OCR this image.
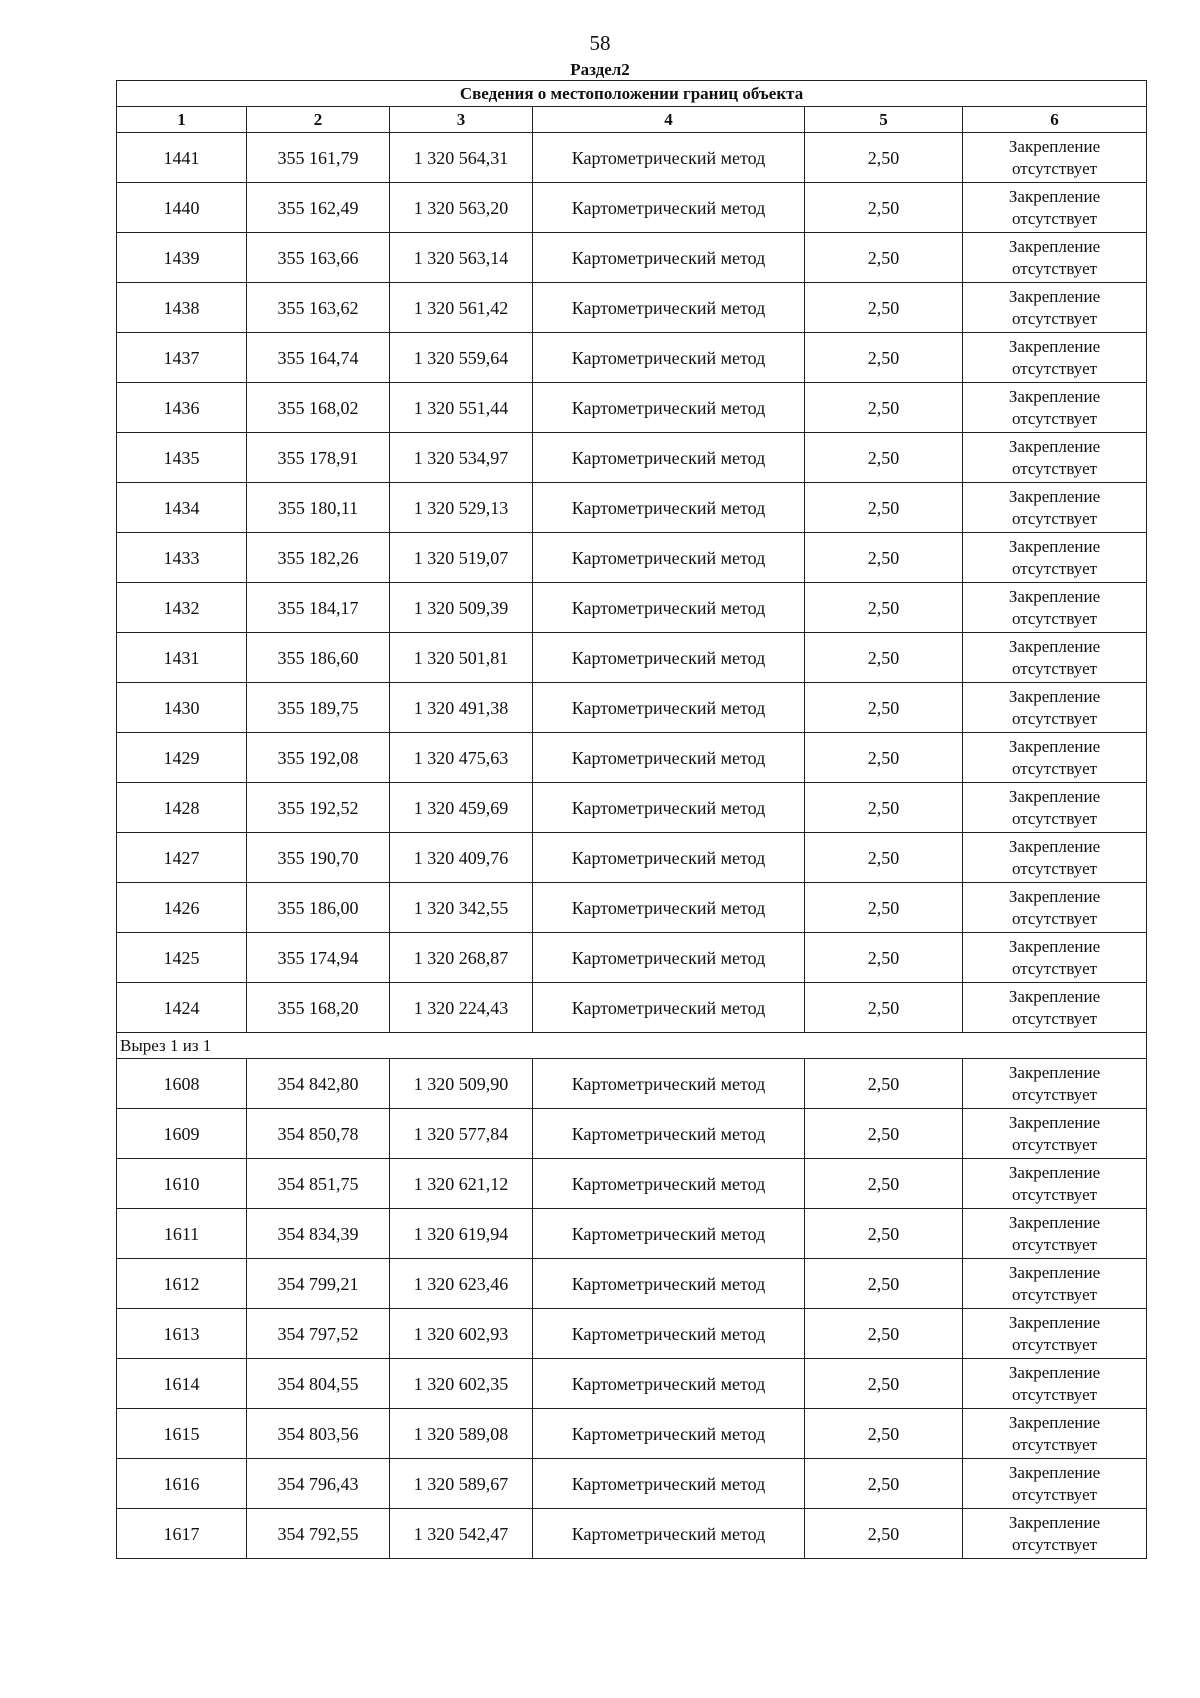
58
Раздел2
Сведения о местоположении границ объекта					
1	2	3	4	5	6
1441	355 161,79	1 320 564,31	Картометрический метод	2,50	Закрепление
отсутствует

1440	355 162,49	1 320 563,20	Картометрический метод	2,50	Закрепление
отсутствует

1439	355 163,66	1 320 563,14	Картометрический метод	2,50	Закрепление
отсутствует

1438	355 163,62	1 320 561,42	Картометрический метод	2,50	Закрепление
отсутствует

1437	355 164,74	1 320 559,64	Картометрический метод	2,50	Закрепление
отсутствует

1436	355 168,02	1 320 551,44	Картометрический метод	2,50	Закрепление
отсутствует

1435	355 178,91	1 320 534,97	Картометрический метод	2,50	Закрепление
отсутствует

1434	355 180,11	1 320 529,13	Картометрический метод	2,50	Закрепление
отсутствует

1433	355 182,26	1 320 519,07	Картометрический метод	2,50	Закрепление
отсутствует

1432	355 184,17	1 320 509,39	Картометрический метод	2,50	Закрепление
отсутствует

1431	355 186,60	1 320 501,81	Картометрический метод	2,50	Закрепление
отсутствует

1430	355 189,75	1 320 491,38	Картометрический метод	2,50	Закрепление
отсутствует

1429	355 192,08	1 320 475,63	Картометрический метод	2,50	Закрепление
отсутствует

1428	355 192,52	1 320 459,69	Картометрический метод	2,50	Закрепление
отсутствует

1427	355 190,70	1 320 409,76	Картометрический метод	2,50	Закрепление
отсутствует

1426	355 186,00	1 320 342,55	Картометрический метод	2,50	Закрепление
отсутствует

1425	355 174,94	1 320 268,87	Картометрический метод	2,50	Закрепление
отсутствует

1424	355 168,20	1 320 224,43	Картометрический метод	2,50	Закрепление
отсутствует

Вырез 1 из 1					
1608	354 842,80	1 320 509,90	Картометрический метод	2,50	Закрепление
отсутствует

1609	354 850,78	1 320 577,84	Картометрический метод	2,50	Закрепление
отсутствует

1610	354 851,75	1 320 621,12	Картометрический метод	2,50	Закрепление
отсутствует

1611	354 834,39	1 320 619,94	Картометрический метод	2,50	Закрепление
отсутствует

1612	354 799,21	1 320 623,46	Картометрический метод	2,50	Закрепление
отсутствует

1613	354 797,52	1 320 602,93	Картометрический метод	2,50	Закрепление
отсутствует

1614	354 804,55	1 320 602,35	Картометрический метод	2,50	Закрепление
отсутствует

1615	354 803,56	1 320 589,08	Картометрический метод	2,50	Закрепление
отсутствует

1616	354 796,43	1 320 589,67	Картометрический метод	2,50	Закрепление
отсутствует

1617	354 792,55	1 320 542,47	Картометрический метод	2,50	Закрепление
отсутствует
